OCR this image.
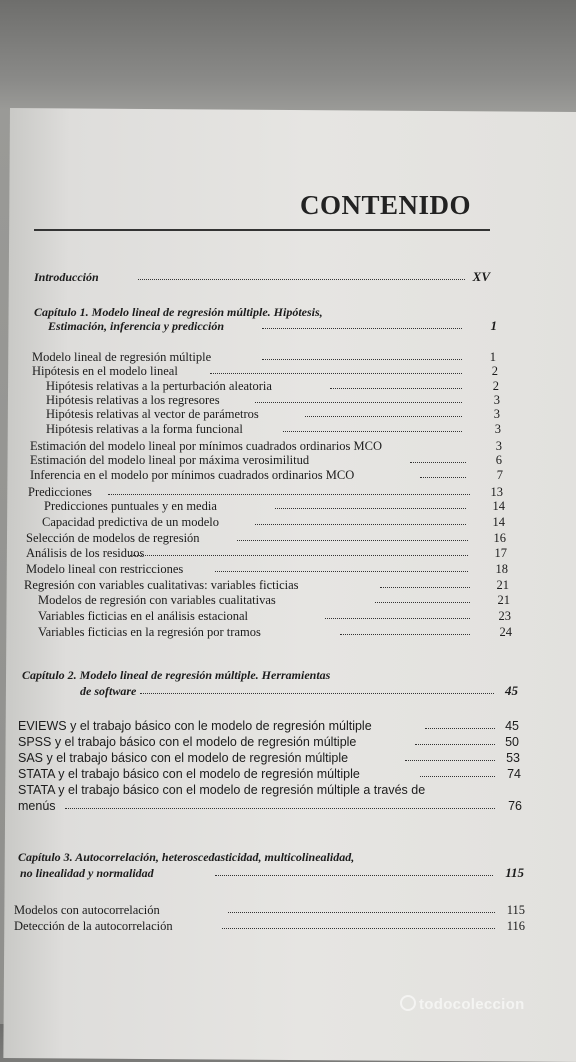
CONTENIDO
Introducción	XV
Capítulo 1. Modelo lineal de regresión múltiple. Hipótesis,
Estimación, inferencia y predicción	1
Modelo lineal de regresión múltiple	1
Hipótesis en el modelo lineal	2
Hipótesis relativas a la perturbación aleatoria	2
Hipótesis relativas a los regresores	3
Hipótesis relativas al vector de parámetros	3
Hipótesis relativas a la forma funcional	3
Estimación del modelo lineal por mínimos cuadrados ordinarios MCO	3
Estimación del modelo lineal por máxima verosimilitud	6
Inferencia en el modelo por mínimos cuadrados ordinarios MCO	7
Predicciones	13
Predicciones puntuales y en media	14
Capacidad predictiva de un modelo	14
Selección de modelos de regresión	16
Análisis de los residuos	17
Modelo lineal con restricciones	18
Regresión con variables cualitativas: variables ficticias	21
Modelos de regresión con variables cualitativas	21
Variables ficticias en el análisis estacional	23
Variables ficticias en la regresión por tramos	24
Capítulo 2. Modelo lineal de regresión múltiple. Herramientas
de software	45
EVIEWS y el trabajo básico con le modelo de regresión múltiple	45
SPSS y el trabajo básico con el modelo de regresión múltiple	50
SAS y el trabajo básico con el modelo de regresión múltiple	53
STATA y el trabajo básico con el modelo de regresión múltiple	74
STATA y el trabajo básico con el modelo de regresión múltiple a través de
menús	76
Capítulo 3. Autocorrelación, heteroscedasticidad, multicolinealidad,
no linealidad y normalidad	115
Modelos con autocorrelación	115
Detección de la autocorrelación	116
todocoleccion
